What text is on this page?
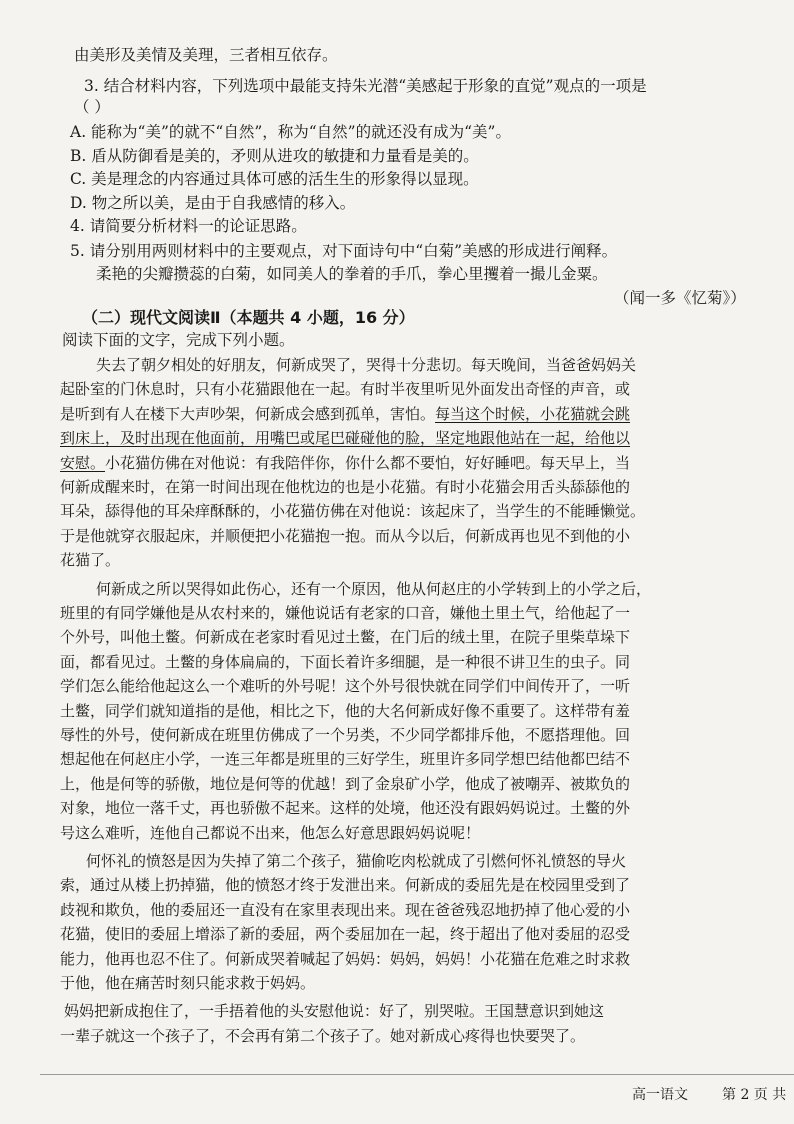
由美形及美情及美理，三者相互依存。
3. 结合材料内容，下列选项中最能支持朱光潜“美感起于形象的直觉”观点的一项是
（ ）
A. 能称为“美”的就不“自然”，称为“自然”的就还没有成为“美”。
B. 盾从防御看是美的，矛则从进攻的敏捷和力量看是美的。
C. 美是理念的内容通过具体可感的活生生的形象得以显现。
D. 物之所以美，是由于自我感情的移入。
4. 请简要分析材料一的论证思路。
5. 请分别用两则材料中的主要观点，对下面诗句中“白菊”美感的形成进行阐释。
柔艳的尖瓣攒蕊的白菊，如同美人的拳着的手爪，拳心里攫着一撮儿金粟。
（闻一多《忆菊》）
（二）现代文阅读Ⅱ（本题共 4 小题，16 分）
阅读下面的文字，完成下列小题。
失去了朝夕相处的好朋友，何新成哭了，哭得十分悲切。每天晚间，当爸爸妈妈关
起卧室的门休息时，只有小花猫跟他在一起。有时半夜里听见外面发出奇怪的声音，或
是听到有人在楼下大声吵架，何新成会感到孤单，害怕。每当这个时候，小花猫就会跳
到床上，及时出现在他面前，用嘴巴或尾巴碰碰他的脸，坚定地跟他站在一起，给他以
安慰。小花猫仿佛在对他说：有我陪伴你，你什么都不要怕，好好睡吧。每天早上，当
何新成醒来时，在第一时间出现在他枕边的也是小花猫。有时小花猫会用舌头舔舔他的
耳朵，舔得他的耳朵痒酥酥的，小花猫仿佛在对他说：该起床了，当学生的不能睡懒觉。
于是他就穿衣服起床，并顺便把小花猫抱一抱。而从今以后，何新成再也见不到他的小
花猫了。
何新成之所以哭得如此伤心，还有一个原因，他从何赵庄的小学转到上的小学之后，
班里的有同学嫌他是从农村来的，嫌他说话有老家的口音，嫌他土里土气，给他起了一
个外号，叫他土鳖。何新成在老家时看见过土鳖，在门后的绒土里，在院子里柴草垛下
面，都看见过。土鳖的身体扁扁的，下面长着许多细腿，是一种很不讲卫生的虫子。同
学们怎么能给他起这么一个难听的外号呢！这个外号很快就在同学们中间传开了，一听
土鳖，同学们就知道指的是他，相比之下，他的大名何新成好像不重要了。这样带有羞
辱性的外号，使何新成在班里仿佛成了一个另类，不少同学都排斥他，不愿搭理他。回
想起他在何赵庄小学，一连三年都是班里的三好学生，班里许多同学想巴结他都巴结不
上，他是何等的骄傲，地位是何等的优越！到了金泉矿小学，他成了被嘲弄、被欺负的
对象，地位一落千丈，再也骄傲不起来。这样的处境，他还没有跟妈妈说过。土鳖的外
号这么难听，连他自己都说不出来，他怎么好意思跟妈妈说呢！
何怀礼的愤怒是因为失掉了第二个孩子，猫偷吃肉松就成了引燃何怀礼愤怒的导火
索，通过从楼上扔掉猫，他的愤怒才终于发泄出来。何新成的委屈先是在校园里受到了
歧视和欺负，他的委屈还一直没有在家里表现出来。现在爸爸残忍地扔掉了他心爱的小
花猫，使旧的委屈上增添了新的委屈，两个委屈加在一起，终于超出了他对委屈的忍受
能力，他再也忍不住了。何新成哭着喊起了妈妈：妈妈，妈妈！小花猫在危难之时求救
于他，他在痛苦时刻只能求救于妈妈。
高一语文 第 2 页 共
妈妈把新成抱住了，一手捂着他的头安慰他说：好了，别哭啦。王国慧意识到她这
一辈子就这一个孩子了，不会再有第二个孩子了。她对新成心疼得也快要哭了。
